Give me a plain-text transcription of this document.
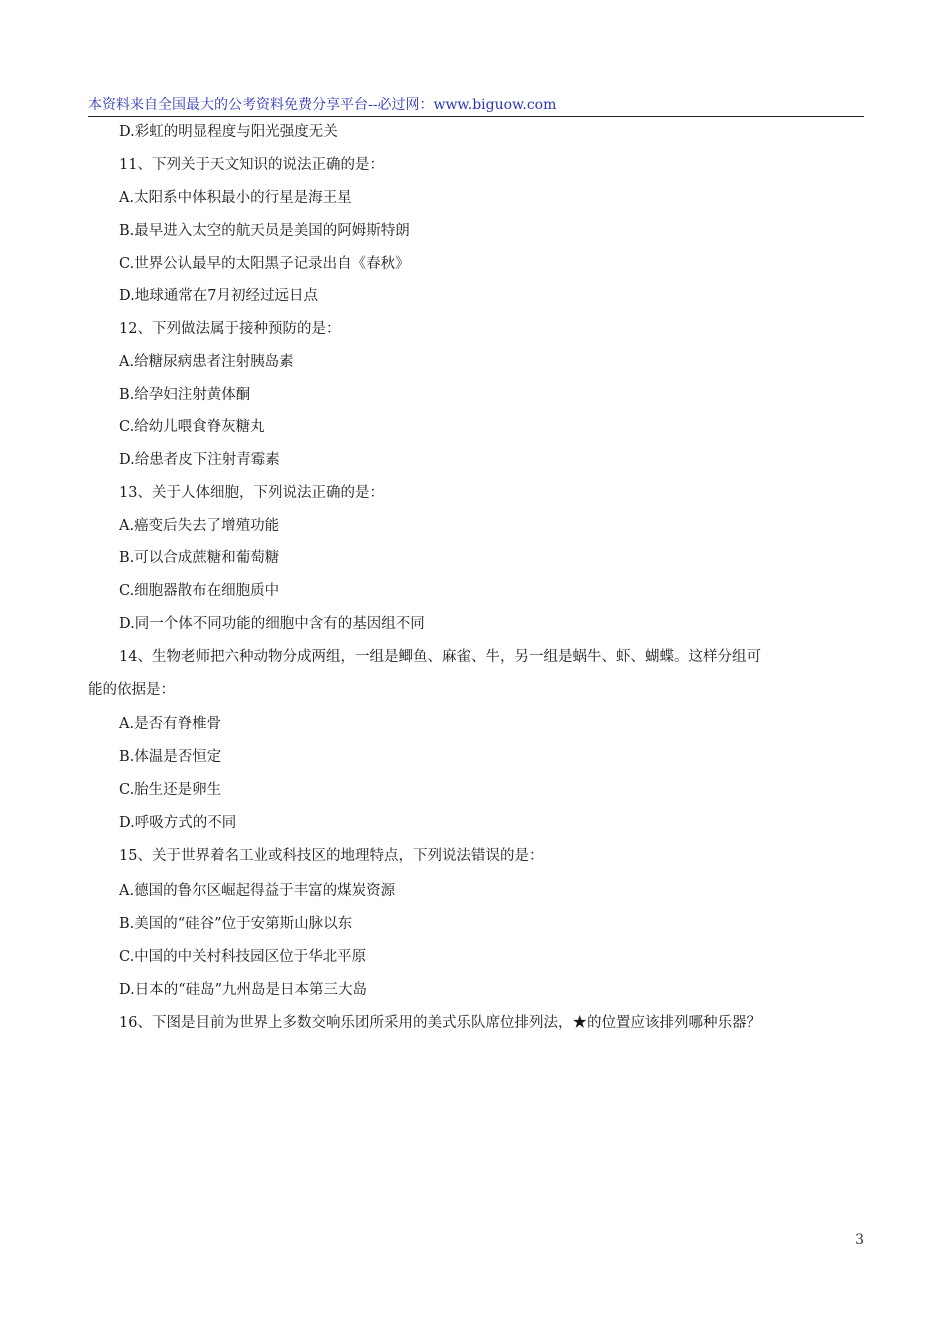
本资料来自全国最大的公考资料免费分享平台--必过网：www.biguow.com
D.彩虹的明显程度与阳光强度无关
11、下列关于天文知识的说法正确的是：
A.太阳系中体积最小的行星是海王星
B.最早进入太空的航天员是美国的阿姆斯特朗
C.世界公认最早的太阳黑子记录出自《春秋》
D.地球通常在7月初经过远日点
12、下列做法属于接种预防的是：
A.给糖尿病患者注射胰岛素
B.给孕妇注射黄体酮
C.给幼儿喂食脊灰糖丸
D.给患者皮下注射青霉素
13、关于人体细胞，下列说法正确的是：
A.癌变后失去了增殖功能
B.可以合成蔗糖和葡萄糖
C.细胞器散布在细胞质中
D.同一个体不同功能的细胞中含有的基因组不同
14、生物老师把六种动物分成两组，一组是鲫鱼、麻雀、牛，另一组是蜗牛、虾、蝴蝶。这样分组可
能的依据是：
A.是否有脊椎骨
B.体温是否恒定
C.胎生还是卵生
D.呼吸方式的不同
15、关于世界着名工业或科技区的地理特点，下列说法错误的是：
A.德国的鲁尔区崛起得益于丰富的煤炭资源
B.美国的“硅谷”位于安第斯山脉以东
C.中国的中关村科技园区位于华北平原
D.日本的“硅岛”九州岛是日本第三大岛
16、下图是目前为世界上多数交响乐团所采用的美式乐队席位排列法，★的位置应该排列哪种乐器？
3
